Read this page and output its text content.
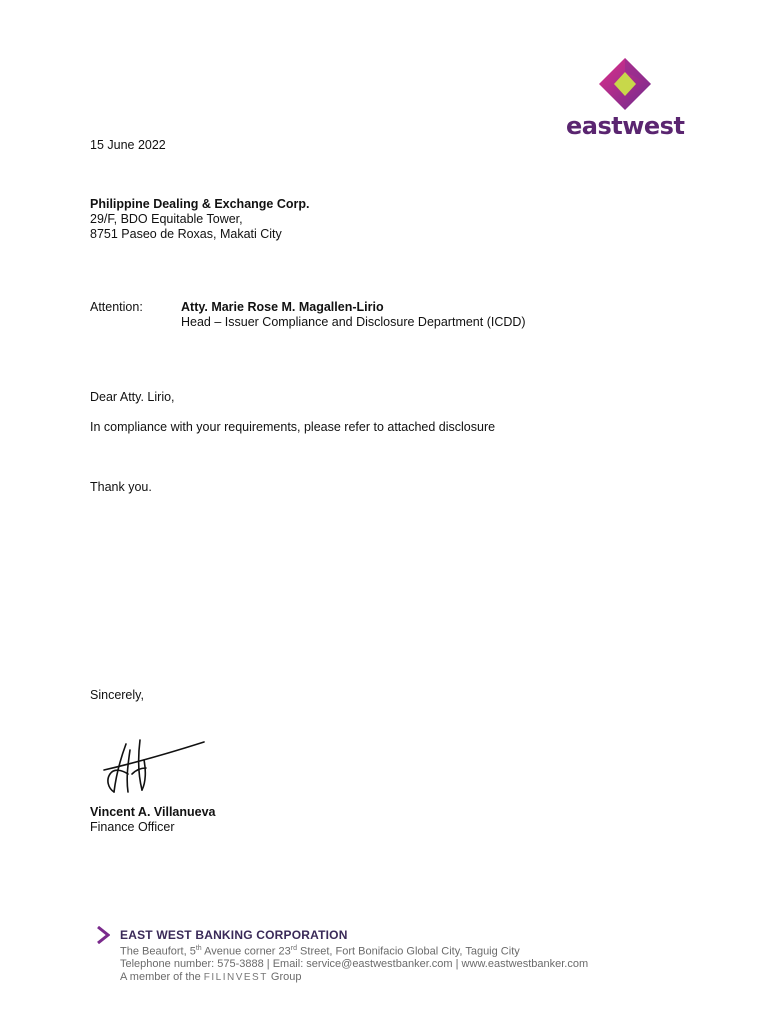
eastwest
15 June 2022
Philippine Dealing & Exchange Corp.
29/F, BDO Equitable Tower,
8751 Paseo de Roxas, Makati City
Attention:	Atty. Marie Rose M. Magallen-Lirio
Head – Issuer Compliance and Disclosure Department (ICDD)
Dear Atty. Lirio,
In compliance with your requirements, please refer to attached disclosure
Thank you.
Sincerely,
Vincent A. Villanueva
Finance Officer
EAST WEST BANKING CORPORATION
The Beaufort, 5th Avenue corner 23rd Street, Fort Bonifacio Global City, Taguig City
Telephone number: 575-3888 | Email: service@eastwestbanker.com | www.eastwestbanker.com
A member of the FILINVEST Group
